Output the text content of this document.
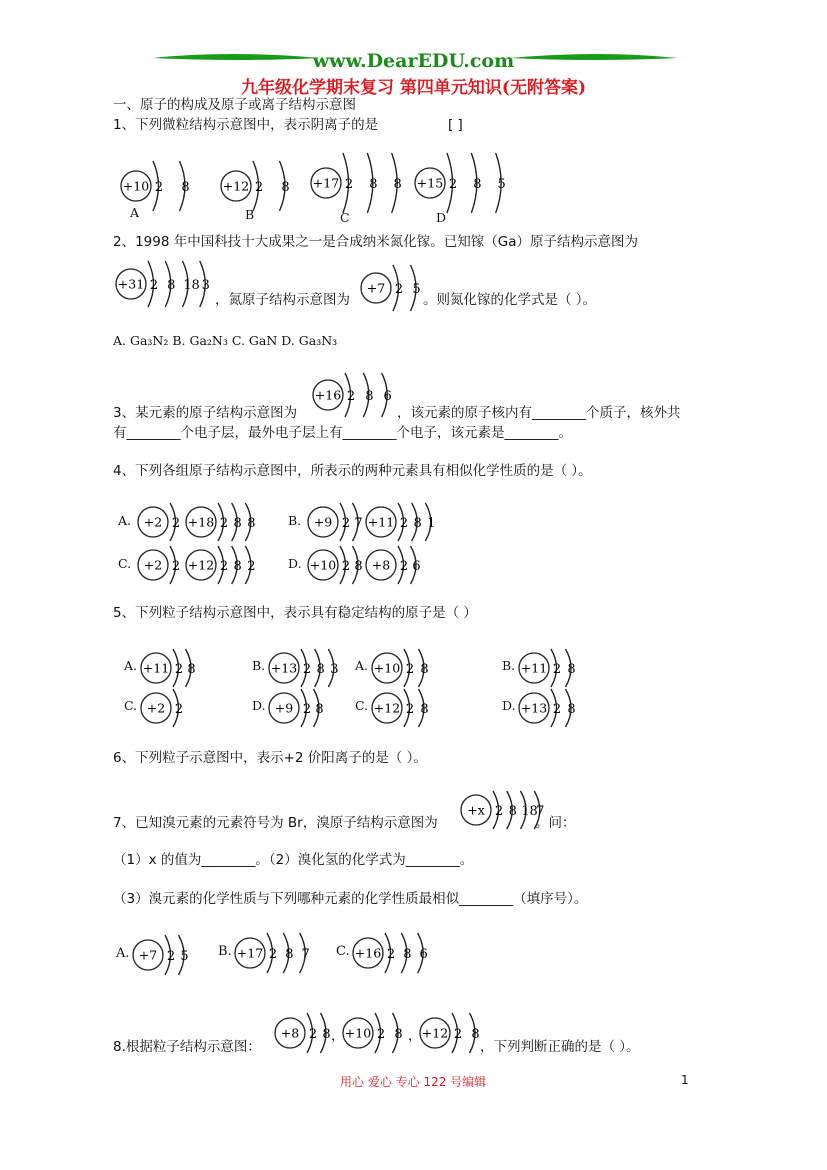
www.DearEDU.com
九年级化学期末复习 第四单元知识(无附答案)
一、原子的构成及原子或离子结构示意图
1、下列微粒结构示意图中，表示阴离子的是	[ ]
+10 2 8
A
+12 2 8
B
+17 2 8 8
C
+15 2 8 5
D
2、1998 年中国科技十大成果之一是合成纳米氮化镓。已知镓（Ga）原子结构示意图为
+31 2 8 18 3
，氮原子结构示意图为
+7 2 5
。则氮化镓的化学式是（ ）。
A. Ga₃N₂ B. Ga₂N₃ C. GaN D. Ga₃N₃
+16 2 8 6
3、某元素的原子结构示意图为	，该元素的原子核内有________个质子，核外共
有________个电子层，最外电子层上有________个电子，该元素是________。
4、下列各组原子结构示意图中，所表示的两种元素具有相似化学性质的是（ ）。
A. +2 2 +18 2 8 8	B. +9 2 7 +11 2 8 1
C. +2 2 +12 2 8 2	D. +10 2 8 +8 2 6
5、下列粒子结构示意图中，表示具有稳定结构的原子是（ ）
A. +11 2 8	B. +13 2 8 3 A. +10 2 8	B. +11 2 8
C. +2 2	D. +9 2 8	C. +12 2 8	D. +13 2 8
6、下列粒子示意图中，表示+2 价阳离子的是（ ）。
+x 2 8 18
7
7、已知溴元素的元素符号为 Br，溴原子结构示意图为	。问：
（1）x 的值为________。（2）溴化氢的化学式为________。
（3）溴元素的化学性质与下列哪种元素的化学性质最相似________（填序号）。
A. +7 2 5 B. +17 2 8 7 C. +16 2 8 6
8.根据粒子结构示意图：
+8 2 8 ， +10 2 8 ， +12 2 8
，下列判断正确的是（ ）。
用心 爱心 专心 122 号编辑	1
